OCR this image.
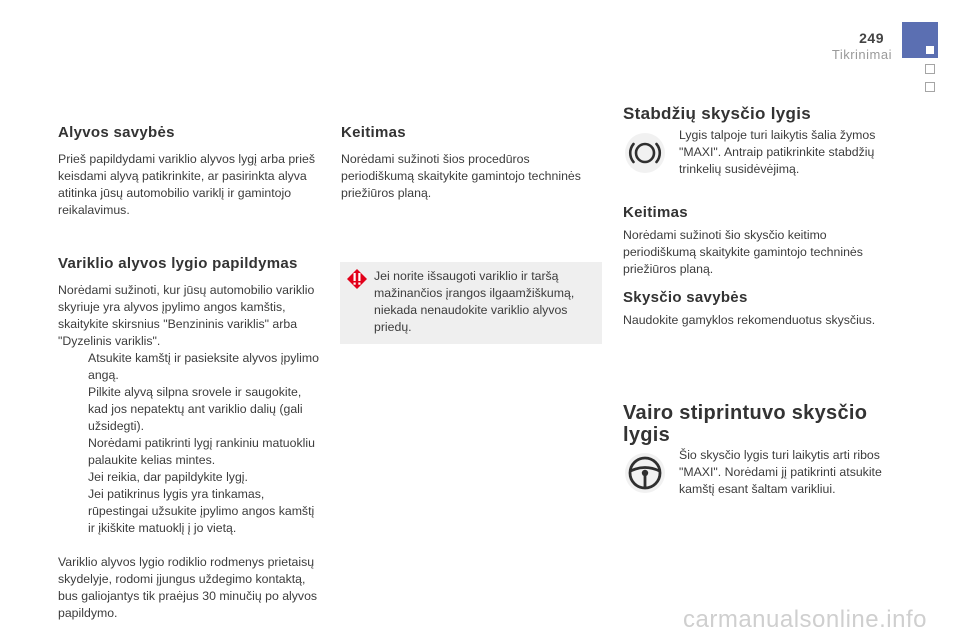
249
Tikrinimai
Alyvos savybės

Prieš papildydami variklio alyvos lygį arba prieš keisdami alyvą patikrinkite, ar pasirinkta alyva atitinka jūsų automobilio variklį ir gamintojo reikalavimus.

Variklio alyvos lygio papildymas

Norėdami sužinoti, kur jūsų automobilio variklio skyriuje yra alyvos įpylimo angos kamštis, skaitykite skirsnius "Benzininis variklis" arba "Dyzelinis variklis".

Atsukite kamštį ir pasieksite alyvos įpylimo angą.
Pilkite alyvą silpna srovele ir saugokite, kad jos nepatektų ant variklio dalių (gali užsidegti).
Norėdami patikrinti lygį rankiniu matuokliu palaukite kelias mintes.
Jei reikia, dar papildykite lygį.
Jei patikrinus lygis yra tinkamas, rūpestingai užsukite įpylimo angos kamštį ir įkiškite matuoklį į jo vietą.

Variklio alyvos lygio rodiklio rodmenys prietaisų skydelyje, rodomi įjungus uždegimo kontaktą, bus galiojantys tik praėjus 30 minučių po alyvos papildymo.

Keitimas

Norėdami sužinoti šios procedūros periodiškumą skaitykite gamintojo techninės priežiūros planą.

Jei norite išsaugoti variklio ir taršą mažinančios įrangos ilgaamžiškumą, niekada nenaudokite variklio alyvos priedų.

Stabdžių skysčio lygis

Lygis talpoje turi laikytis šalia žymos "MAXI". Antraip patikrinkite stabdžių trinkelių susidėvėjimą.

Keitimas

Norėdami sužinoti šio skysčio keitimo periodiškumą skaitykite gamintojo techninės priežiūros planą.

Skysčio savybės

Naudokite gamyklos rekomenduotus skysčius.

Vairo stiprintuvo skysčio lygis

Šio skysčio lygis turi laikytis arti ribos "MAXI". Norėdami jį patikrinti atsukite kamštį esant šaltam varikliui.

carmanualsonline.info
